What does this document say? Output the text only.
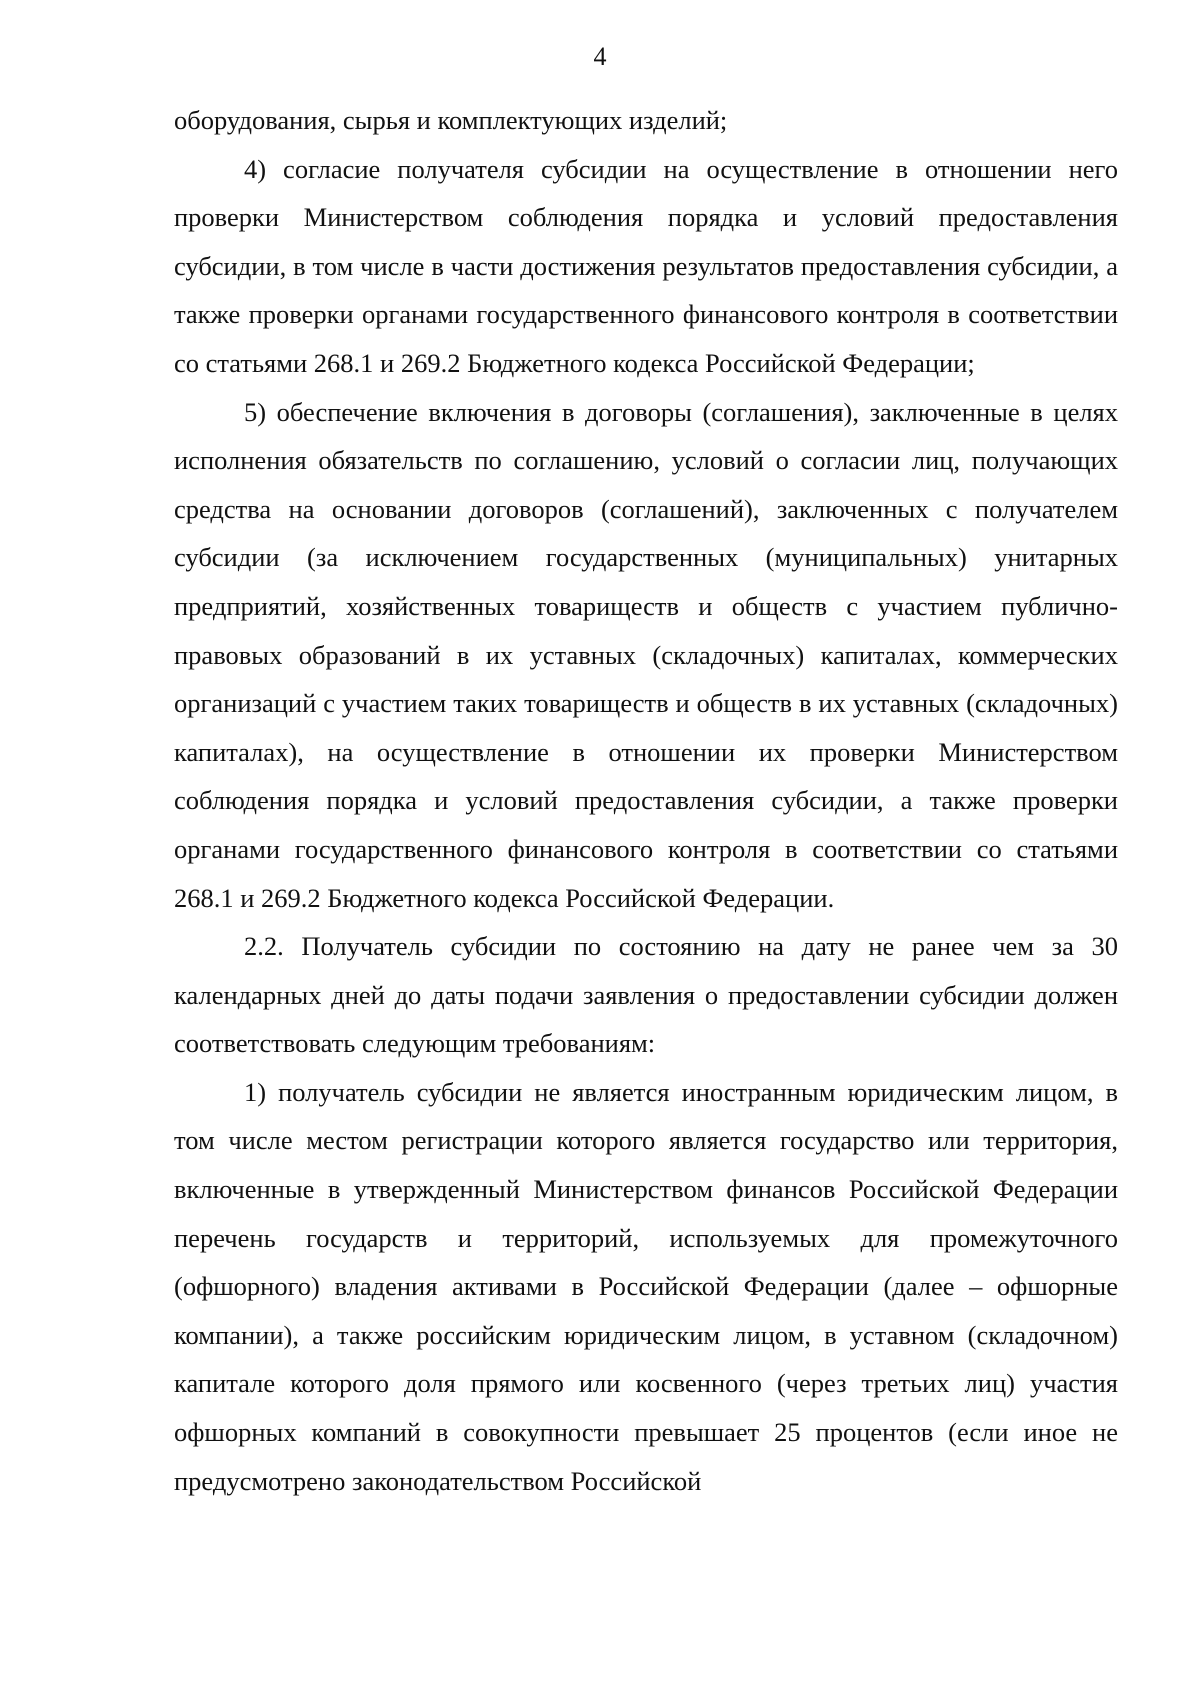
4

оборудования, сырья и комплектующих изделий;

4) согласие получателя субсидии на осуществление в отношении него проверки Министерством соблюдения порядка и условий предоставления субсидии, в том числе в части достижения результатов предоставления субсидии, а также проверки органами государственного финансового контроля в соответствии со статьями 268.1 и 269.2 Бюджетного кодекса Российской Федерации;

5) обеспечение включения в договоры (соглашения), заключенные в целях исполнения обязательств по соглашению, условий о согласии лиц, получающих средства на основании договоров (соглашений), заключенных с получателем субсидии (за исключением государственных (муниципальных) унитарных предприятий, хозяйственных товариществ и обществ с участием публично-правовых образований в их уставных (складочных) капиталах, коммерческих организаций с участием таких товариществ и обществ в их уставных (складочных) капиталах), на осуществление в отношении их проверки Министерством соблюдения порядка и условий предоставления субсидии, а также проверки органами государственного финансового контроля в соответствии со статьями 268.1 и 269.2 Бюджетного кодекса Российской Федерации.

2.2. Получатель субсидии по состоянию на дату не ранее чем за 30 календарных дней до даты подачи заявления о предоставлении субсидии должен соответствовать следующим требованиям:

1) получатель субсидии не является иностранным юридическим лицом, в том числе местом регистрации которого является государство или территория, включенные в утвержденный Министерством финансов Российской Федерации перечень государств и территорий, используемых для промежуточного (офшорного) владения активами в Российской Федерации (далее – офшорные компании), а также российским юридическим лицом, в уставном (складочном) капитале которого доля прямого или косвенного (через третьих лиц) участия офшорных компаний в совокупности превышает 25 процентов (если иное не предусмотрено законодательством Российской
